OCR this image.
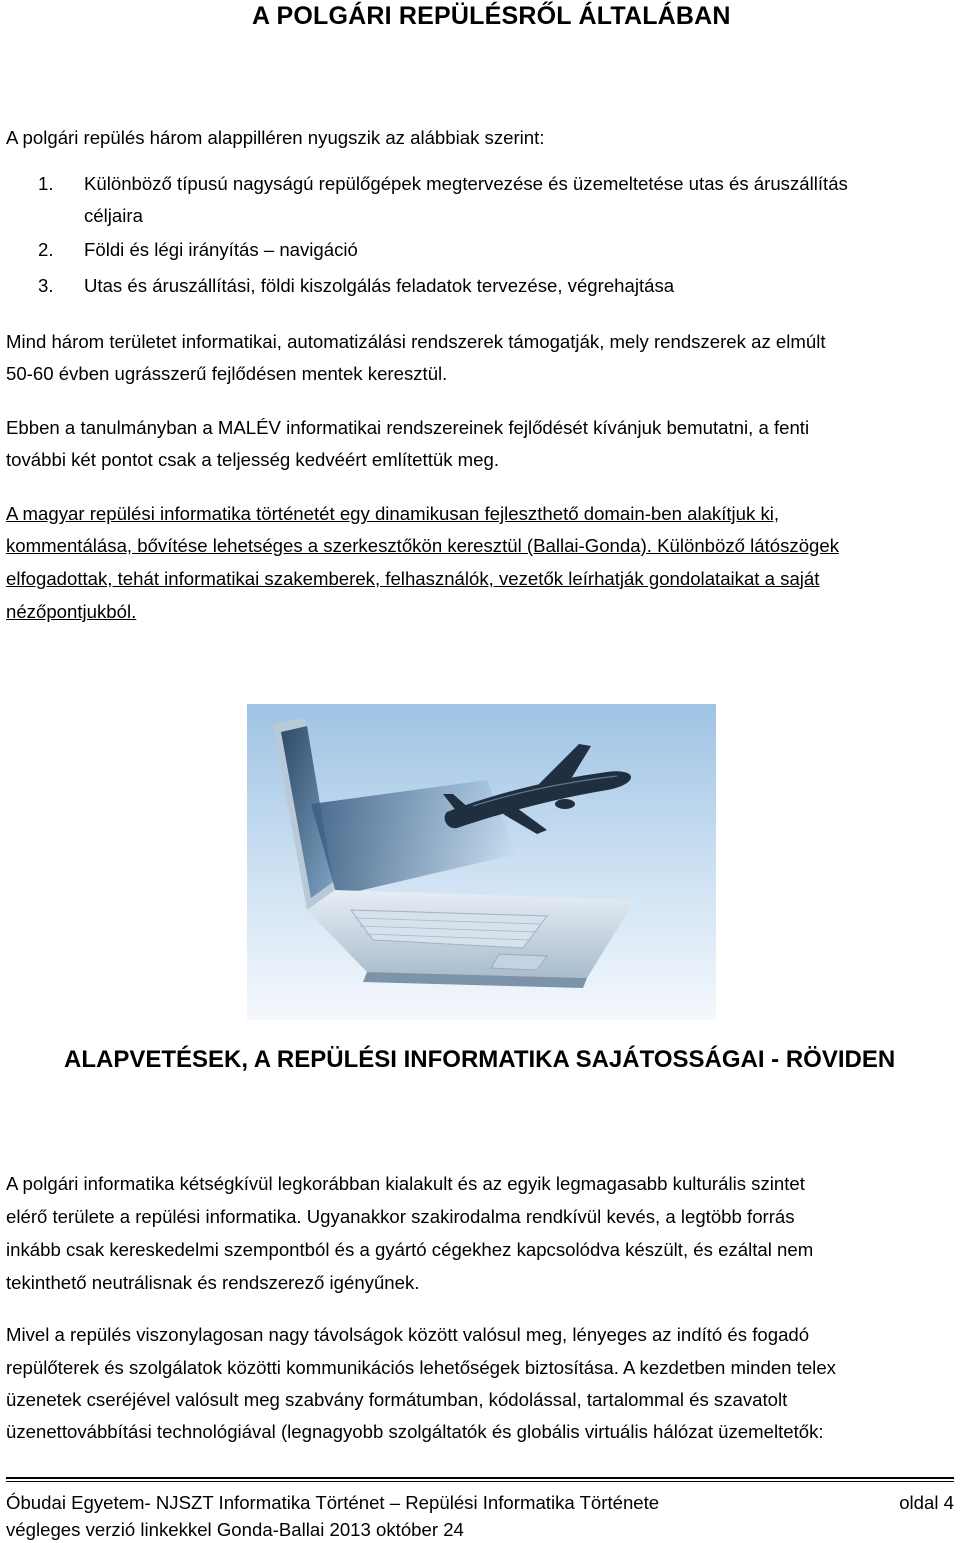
A POLGÁRI REPÜLÉSRŐL ÁLTALÁBAN

A polgári repülés három alappilléren nyugszik az alábbiak szerint:

1. Különböző típusú nagyságú repülőgépek megtervezése és üzemeltetése utas és áruszállítás
céljaira
2. Földi és légi irányítás – navigáció
3. Utas és áruszállítási, földi kiszolgálás feladatok tervezése, végrehajtása

Mind három területet informatikai, automatizálási rendszerek támogatják, mely rendszerek az elmúlt

50-60 évben ugrásszerű fejlődésen mentek keresztül.

Ebben a tanulmányban a MALÉV informatikai rendszereinek fejlődését kívánjuk bemutatni, a fenti

további két pontot csak a teljesség kedvéért említettük meg.

A magyar repülési informatika történetét egy dinamikusan fejleszthető domain-ben alakítjuk ki,

kommentálása, bővítése lehetséges a szerkesztőkön keresztül (Ballai-Gonda). Különböző látószögek

elfogadottak, tehát informatikai szakemberek, felhasználók, vezetők leírhatják gondolataikat a saját

nézőpontjukból.

ALAPVETÉSEK, A REPÜLÉSI INFORMATIKA SAJÁTOSSÁGAI - RÖVIDEN

A polgári informatika kétségkívül legkorábban kialakult és az egyik legmagasabb kulturális szintet

elérő területe a repülési informatika. Ugyanakkor szakirodalma rendkívül kevés, a legtöbb forrás

inkább csak kereskedelmi szempontból és a gyártó cégekhez kapcsolódva készült, és ezáltal nem

tekinthető neutrálisnak és rendszerező igényűnek.

Mivel a repülés viszonylagosan nagy távolságok között valósul meg, lényeges az indító és fogadó

repülőterek és szolgálatok közötti kommunikációs lehetőségek biztosítása. A kezdetben minden telex

üzenetek cseréjével valósult meg szabvány formátumban, kódolással, tartalommal és szavatolt

üzenettovábbítási technológiával (legnagyobb szolgáltatók és globális virtuális hálózat üzemeltetők:

Óbudai Egyetem- NJSZT Informatika Történet – Repülési Informatika Története	oldal 4
végleges verzió linkekkel Gonda-Ballai 2013 október 24
